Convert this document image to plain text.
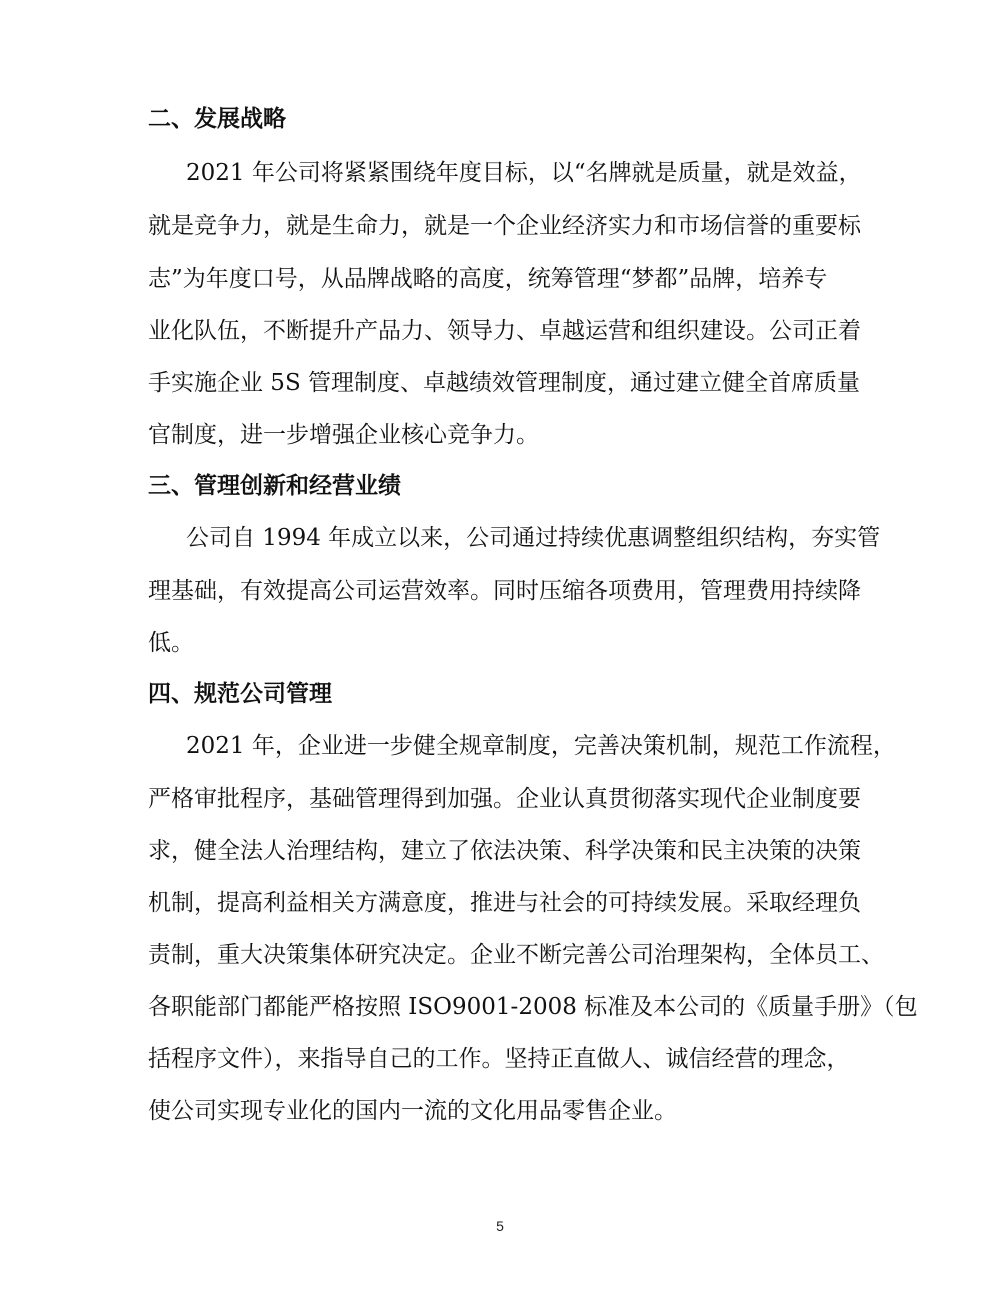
二、发展战略

2021 年公司将紧紧围绕年度目标，以“名牌就是质量，就是效益，

就是竞争力，就是生命力，就是一个企业经济实力和市场信誉的重要标

志”为年度口号，从品牌战略的高度，统筹管理“梦都”品牌，培养专

业化队伍，不断提升产品力、领导力、卓越运营和组织建设。公司正着

手实施企业 5S 管理制度、卓越绩效管理制度，通过建立健全首席质量

官制度，进一步增强企业核心竞争力。

三、管理创新和经营业绩

公司自 1994 年成立以来，公司通过持续优惠调整组织结构，夯实管

理基础，有效提高公司运营效率。同时压缩各项费用，管理费用持续降

低。

四、规范公司管理

2021 年，企业进一步健全规章制度，完善决策机制，规范工作流程，

严格审批程序，基础管理得到加强。企业认真贯彻落实现代企业制度要

求，健全法人治理结构，建立了依法决策、科学决策和民主决策的决策

机制，提高利益相关方满意度，推进与社会的可持续发展。采取经理负

责制，重大决策集体研究决定。企业不断完善公司治理架构，全体员工、

各职能部门都能严格按照 ISO9001-2008 标准及本公司的《质量手册》（包

括程序文件），来指导自己的工作。坚持正直做人、诚信经营的理念，

使公司实现专业化的国内一流的文化用品零售企业。

5
